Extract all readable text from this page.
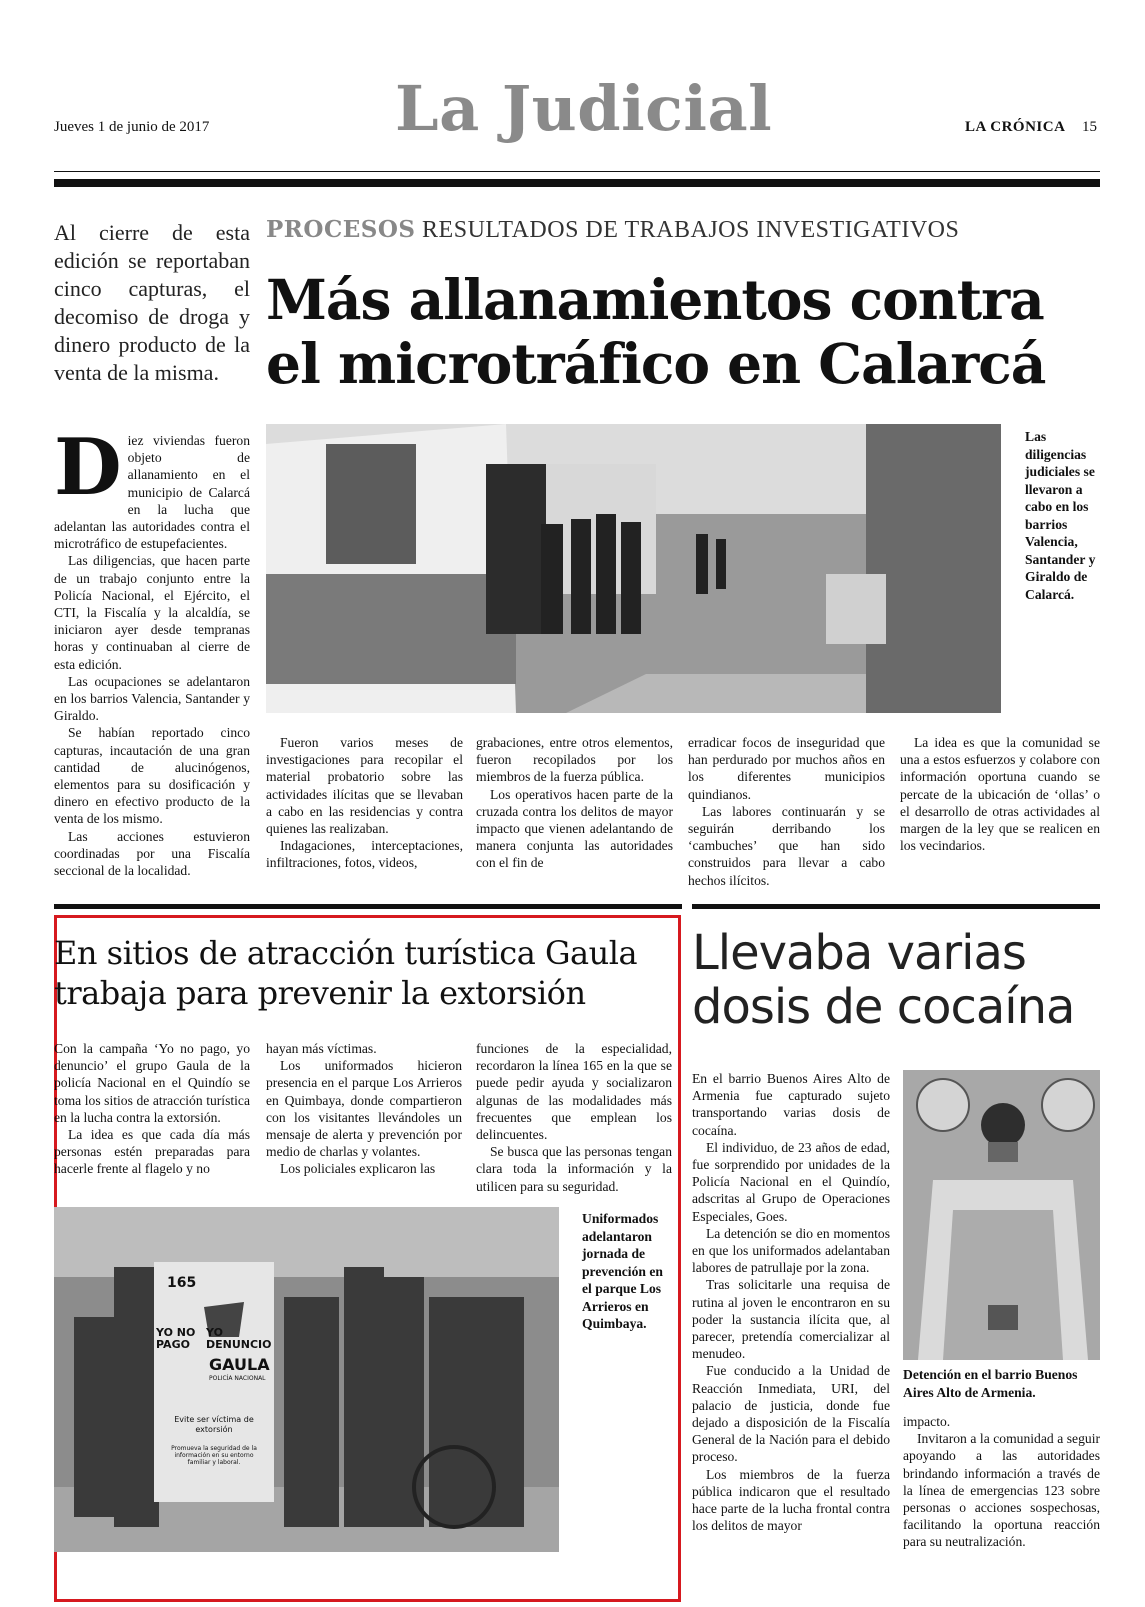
Jueves 1 de junio de 2017	La Judicial	LA CRÓNICA 15
Al cierre de esta edición se reportaban cinco capturas, el decomiso de droga y dinero producto de la venta de la misma.
PROCESOS RESULTADOS DE TRABAJOS INVESTIGATIVOS
Más allanamientos contra el microtráfico en Calarcá

Diez viviendas fueron objeto de allanamiento en el municipio de Calarcá en la lucha que adelantan las autoridades contra el microtráfico de estupefacientes.

Las diligencias, que hacen parte de un trabajo conjunto entre la Policía Nacional, el Ejército, el CTI, la Fiscalía y la alcaldía, se iniciaron ayer desde tempranas horas y continuaban al cierre de esta edición.

Las ocupaciones se adelantaron en los barrios Valencia, Santander y Giraldo.

Se habían reportado cinco capturas, incautación de una gran cantidad de alucinógenos, elementos para su dosificación y dinero en efectivo producto de la venta de los mismo.

Las acciones estuvieron coordinadas por una Fiscalía seccional de la localidad.

Las diligencias judiciales se llevaron a cabo en los barrios Valencia, Santander y Giraldo de Calarcá.

Fueron varios meses de investigaciones para recopilar el material probatorio sobre las actividades ilícitas que se llevaban a cabo en las residencias y contra quienes las realizaban.

Indagaciones, interceptaciones, infiltraciones, fotos, videos,

grabaciones, entre otros elementos, fueron recopilados por los miembros de la fuerza pública.

Los operativos hacen parte de la cruzada contra los delitos de mayor impacto que vienen adelantando de manera conjunta las autoridades con el fin de

erradicar focos de inseguridad que han perdurado por muchos años en los diferentes municipios quindianos.

Las labores continuarán y se seguirán derribando los ‘cambuches’ que han sido construidos para llevar a cabo hechos ilícitos.

La idea es que la comunidad se una a estos esfuerzos y colabore con información oportuna cuando se percate de la ubicación de ‘ollas’ o el desarrollo de otras actividades al margen de la ley que se realicen en los vecindarios.

En sitios de atracción turística Gaula trabaja para prevenir la extorsión

Con la campaña ‘Yo no pago, yo denuncio’ el grupo Gaula de la policía Nacional en el Quindío se toma los sitios de atracción turística en la lucha contra la extorsión.

La idea es que cada día más personas estén preparadas para hacerle frente al flagelo y no

hayan más víctimas.

Los uniformados hicieron presencia en el parque Los Arrieros en Quimbaya, donde compartieron con los visitantes llevándoles un mensaje de alerta y prevención por medio de charlas y volantes.

Los policiales explicaron las

funciones de la especialidad, recordaron la línea 165 en la que se puede pedir ayuda y socializaron algunas de las modalidades más frecuentes que emplean los delincuentes.

Se busca que las personas tengan clara toda la información y la utilicen para su seguridad.

165
YO NO PAGO
YO DENUNCIO
GAULA
POLICÍA NACIONAL
Evite ser víctima de extorsión
Promueva la seguridad de la información en su entorno familiar y laboral.
Uniformados adelantaron jornada de prevención en el parque Los Arrieros en Quimbaya.
Llevaba varias dosis de cocaína

En el barrio Buenos Aires Alto de Armenia fue capturado sujeto transportando varias dosis de cocaína.

El individuo, de 23 años de edad, fue sorprendido por unidades de la Policía Nacional en el Quindío, adscritas al Grupo de Operaciones Especiales, Goes.

La detención se dio en momentos en que los uniformados adelantaban labores de patrullaje por la zona.

Tras solicitarle una requisa de rutina al joven le encontraron en su poder la sustancia ilícita que, al parecer, pretendía comercializar al menudeo.

Fue conducido a la Unidad de Reacción Inmediata, URI, del palacio de justicia, donde fue dejado a disposición de la Fiscalía General de la Nación para el debido proceso.

Los miembros de la fuerza pública indicaron que el resultado hace parte de la lucha frontal contra los delitos de mayor

Detención en el barrio Buenos Aires Alto de Armenia.

impacto.

Invitaron a la comunidad a seguir apoyando a las autoridades brindando información a través de la línea de emergencias 123 sobre personas o acciones sospechosas, facilitando la oportuna reacción para su neutralización.
